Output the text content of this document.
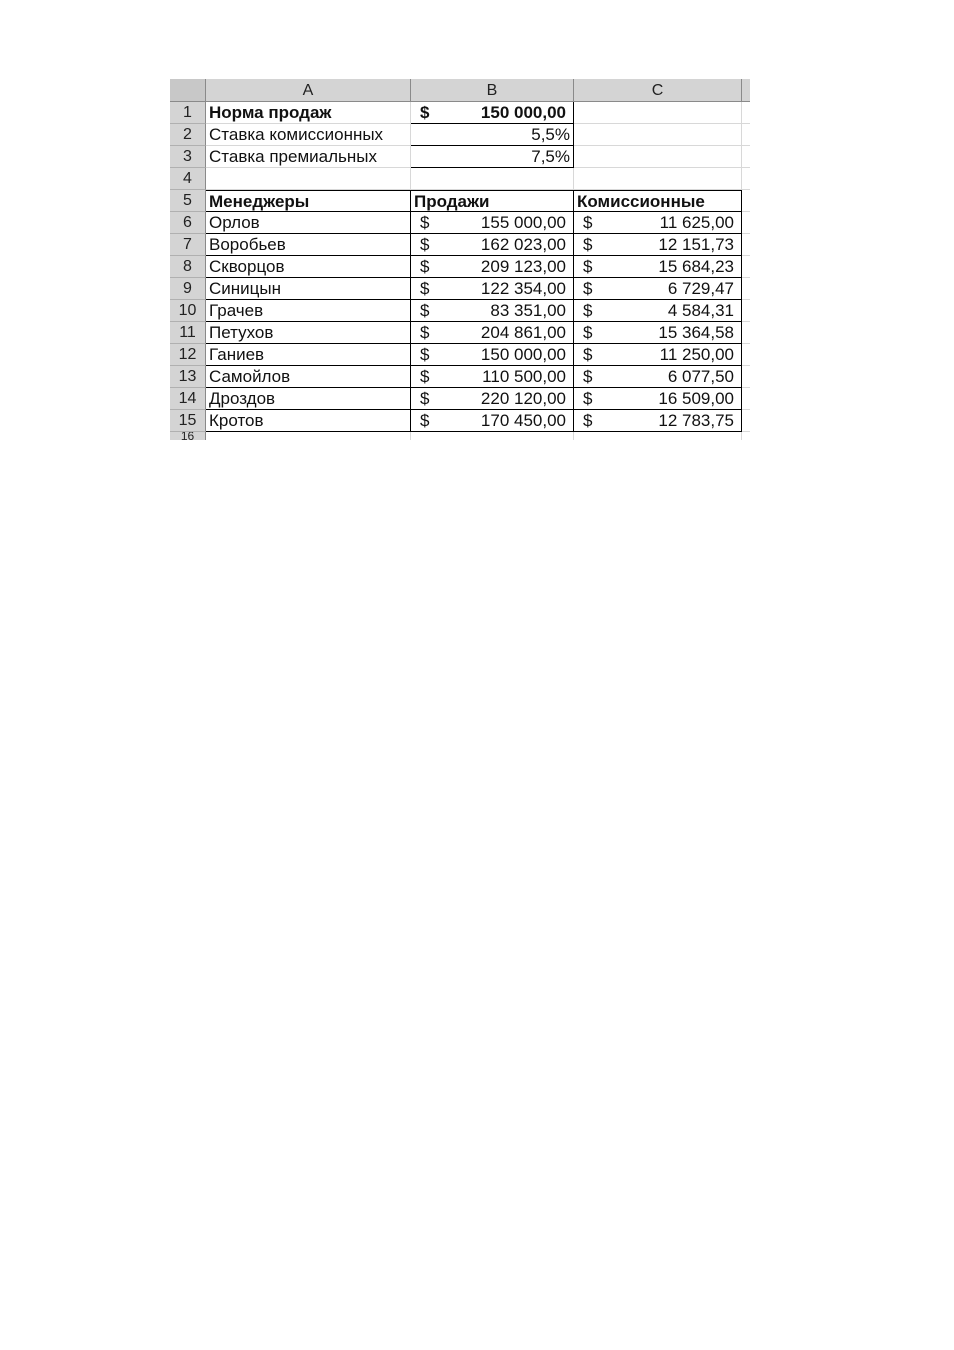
A	B	C
1	Норма продаж	$	150 000,00
2	Ставка комиссионных	5,5%
3	Ставка премиальных	7,5%
4
5	Менеджеры	Продажи	Комиссионные
6	Орлов	$	155 000,00	$	11 625,00
7	Воробьев	$	162 023,00	$	12 151,73
8	Скворцов	$	209 123,00	$	15 684,23
9	Синицын	$	122 354,00	$	6 729,47
10 Грачев	$	83 351,00	$	4 584,31
11 Петухов	$	204 861,00	$	15 364,58
12 Ганиев	$	150 000,00	$	11 250,00
13 Самойлов	$	110 500,00	$	6 077,50
14 Дроздов	$	220 120,00	$	16 509,00
15 Кротов	$	170 450,00	$	12 783,75
16
